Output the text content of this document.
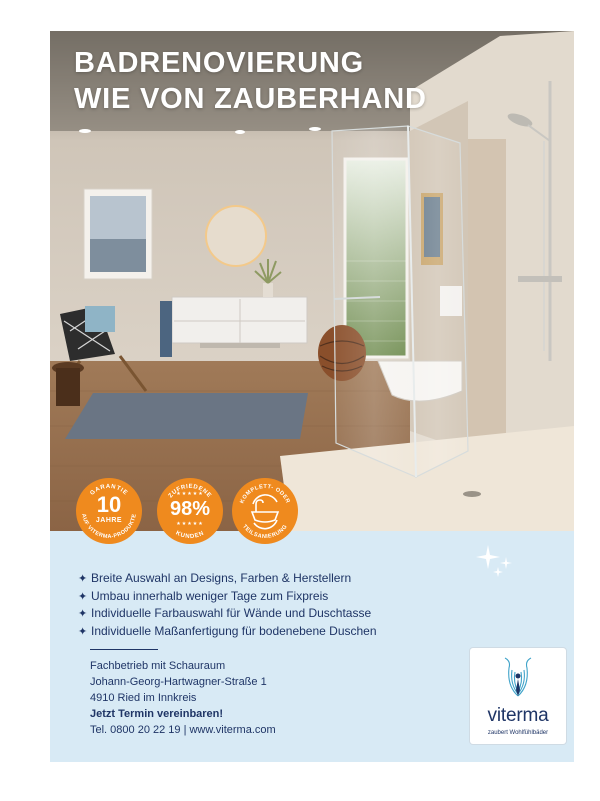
BADRENOVIERUNG
WIE VON ZAUBERHAND
GARANTIE
AUF VITERMA-PRODUKTE
10
JAHRE
ZUFRIEDENE
KUNDEN
★★★★★
98%
★★★★★
KOMPLETT- ODER
TEILSANIERUNG
✦ Breite Auswahl an Designs, Farben & Herstellern
✦ Umbau innerhalb weniger Tage zum Fixpreis
✦ Individuelle Farbauswahl für Wände und Duschtasse
✦ Individuelle Maßanfertigung für bodenebene Duschen
Fachbetrieb mit Schauraum
Johann-Georg-Hartwagner-Straße 1
4910 Ried im Innkreis
Jetzt Termin vereinbaren!
Tel. 0800 20 22 19 | www.viterma.com
viterma
zaubert Wohlfühlbäder
